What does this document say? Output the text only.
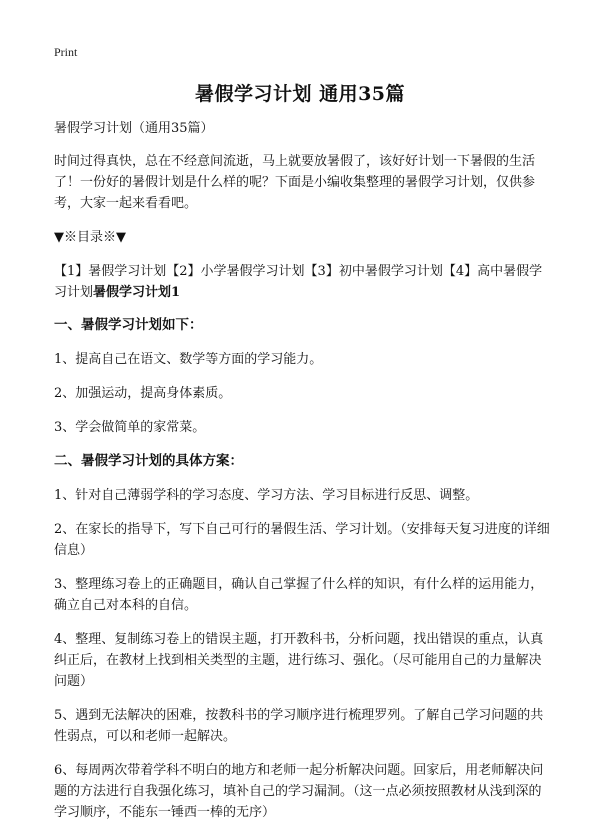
Print
暑假学习计划 通用35篇

暑假学习计划（通用35篇）

时间过得真快，总在不经意间流逝，马上就要放暑假了，该好好计划一下暑假的生活了！一份好的暑假计划是什么样的呢？下面是小编收集整理的暑假学习计划，仅供参考，大家一起来看看吧。

▼※目录※▼

【1】暑假学习计划【2】小学暑假学习计划【3】初中暑假学习计划【4】高中暑假学习计划暑假学习计划1

一、暑假学习计划如下：

1、提高自己在语文、数学等方面的学习能力。

2、加强运动，提高身体素质。

3、学会做简单的家常菜。

二、暑假学习计划的具体方案：

1、针对自己薄弱学科的学习态度、学习方法、学习目标进行反思、调整。

2、在家长的指导下，写下自己可行的暑假生活、学习计划。（安排每天复习进度的详细信息）

3、整理练习卷上的正确题目，确认自己掌握了什么样的知识，有什么样的运用能力，确立自己对本科的自信。

4、整理、复制练习卷上的错误主题，打开教科书，分析问题，找出错误的重点，认真纠正后，在教材上找到相关类型的主题，进行练习、强化。（尽可能用自己的力量解决问题）

5、遇到无法解决的困难，按教科书的学习顺序进行梳理罗列。了解自己学习问题的共性弱点，可以和老师一起解决。

6、每周两次带着学科不明白的地方和老师一起分析解决问题。回家后，用老师解决问题的方法进行自我强化练习，填补自己的学习漏洞。（这一点必须按照教材从浅到深的学习顺序，不能东一锤西一棒的无序）
